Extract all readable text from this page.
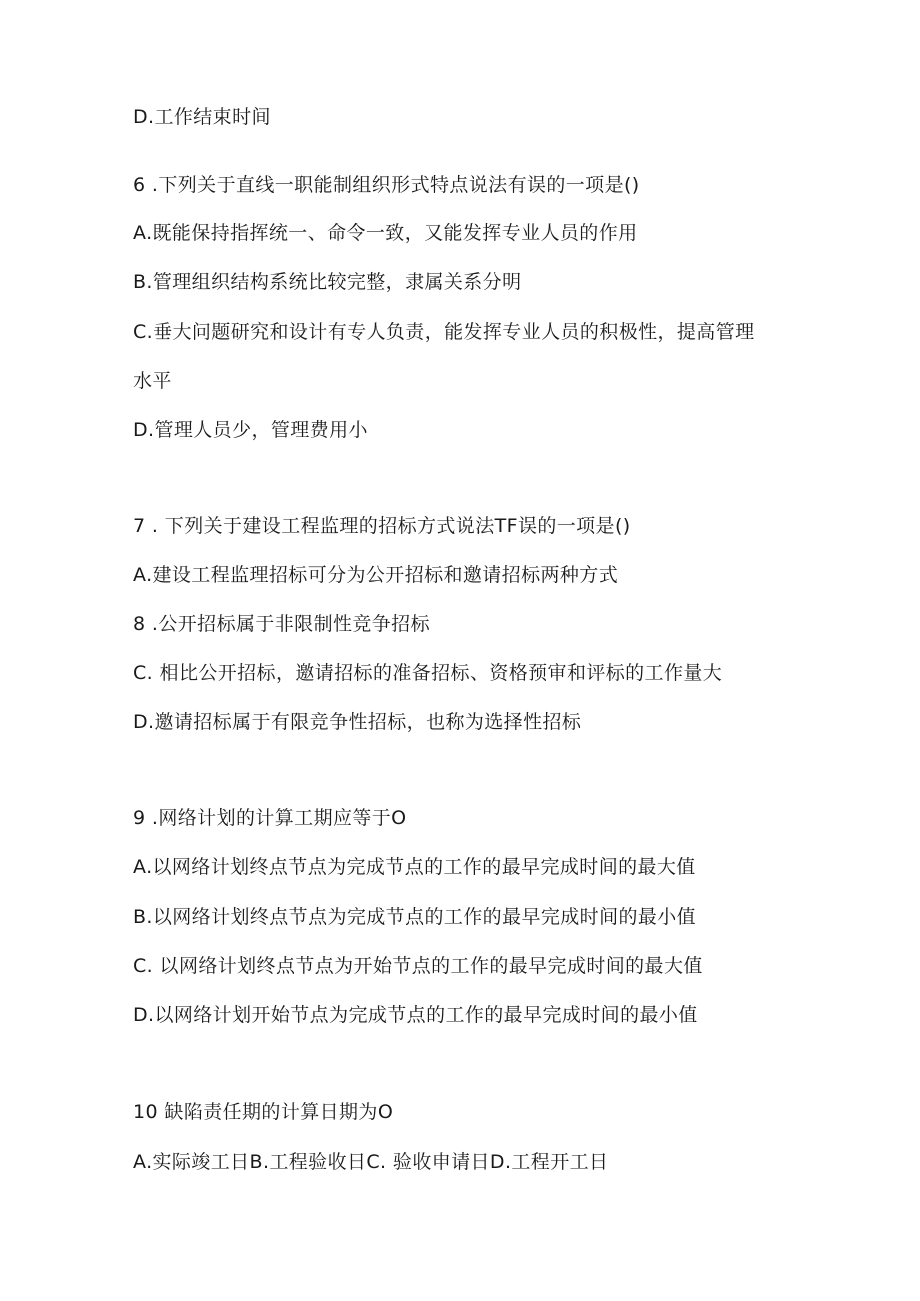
D.工作结束时间
6 .下列关于直线一职能制组织形式特点说法有误的一项是()
A.既能保持指挥统一、命令一致，又能发挥专业人员的作用
B.管理组织结构系统比较完整，隶属关系分明
C.垂大问题研究和设计有专人负责，能发挥专业人员的积极性，提高管理
水平
D.管理人员少，管理费用小
7 . 下列关于建设工程监理的招标方式说法TF误的一项是()
A.建设工程监理招标可分为公开招标和邀请招标两种方式
8 .公开招标属于非限制性竞争招标
C. 相比公开招标，邀请招标的准备招标、资格预审和评标的工作量大
D.邀请招标属于有限竞争性招标，也称为选择性招标
9 .网络计划的计算工期应等于O
A.以网络计划终点节点为完成节点的工作的最早完成时间的最大值
B.以网络计划终点节点为完成节点的工作的最早完成时间的最小值
C. 以网络计划终点节点为开始节点的工作的最早完成时间的最大值
D.以网络计划开始节点为完成节点的工作的最早完成时间的最小值
10 缺陷责任期的计算日期为O
A.实际竣工日B.工程验收日C. 验收申请日D.工程开工日
